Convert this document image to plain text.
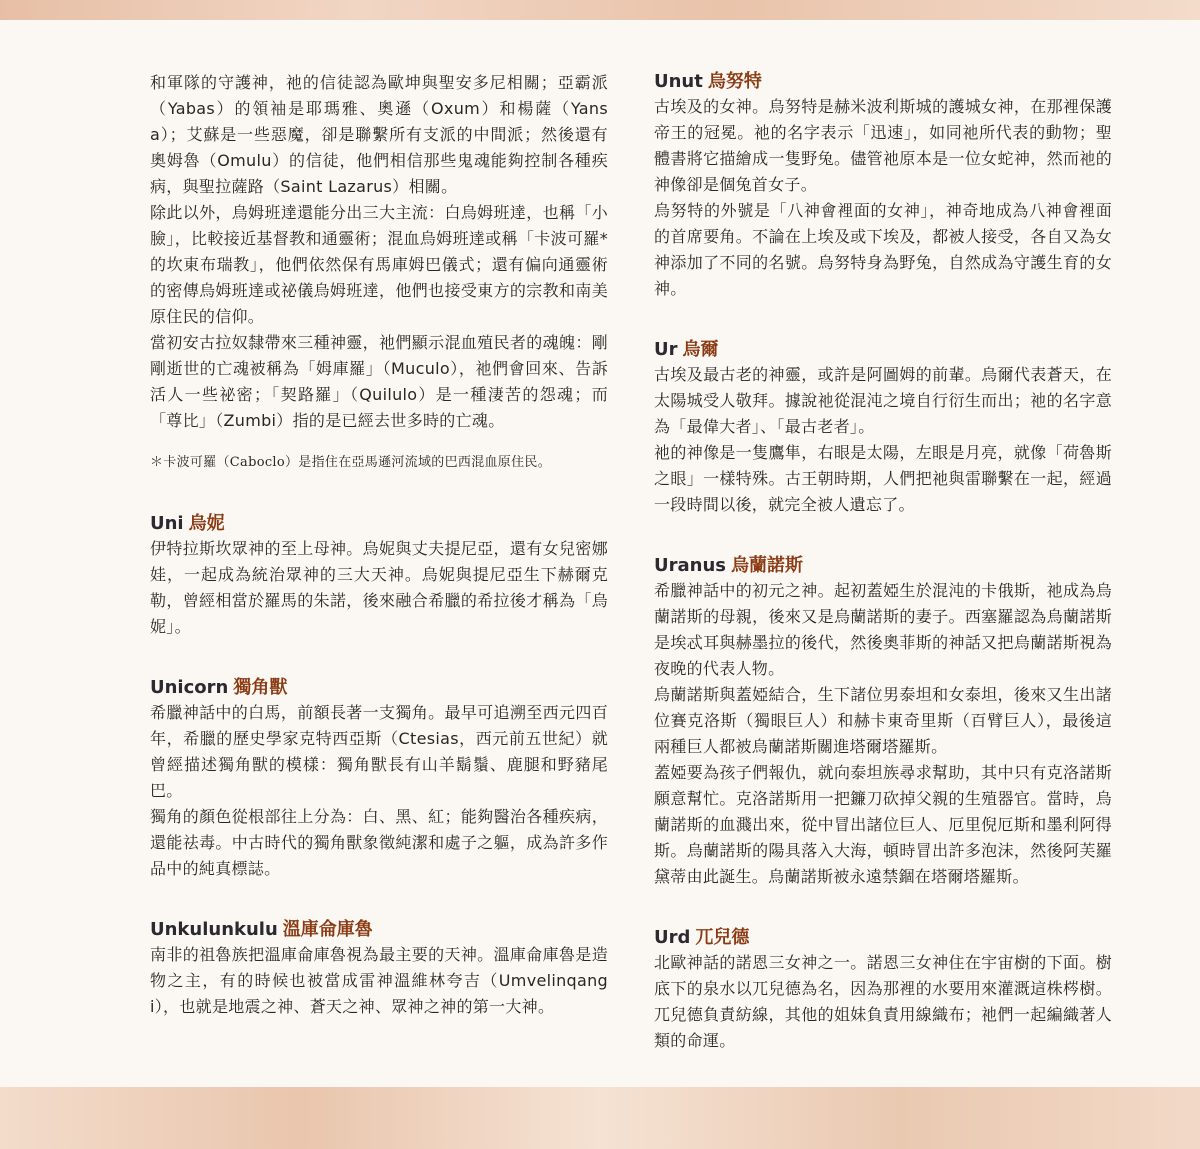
和軍隊的守護神，祂的信徒認為歐坤與聖安多尼相關；亞霸派（Yabas）的領袖是耶瑪雅、奧遜（Oxum）和楊薩（Yansa）；艾蘇是一些惡魔，卻是聯繫所有支派的中間派；然後還有奧姆魯（Omulu）的信徒，他們相信那些鬼魂能夠控制各種疾病，與聖拉薩路（Saint Lazarus）相關。

除此以外，烏姆班達還能分出三大主流：白烏姆班達，也稱「小臉」，比較接近基督教和通靈術；混血烏姆班達或稱「卡波可羅*的坎東布瑞教」，他們依然保有馬庫姆巴儀式；還有偏向通靈術的密傳烏姆班達或祕儀烏姆班達，他們也接受東方的宗教和南美原住民的信仰。

當初安古拉奴隸帶來三種神靈，祂們顯示混血殖民者的魂魄：剛剛逝世的亡魂被稱為「姆庫羅」（Muculo），祂們會回來、告訴活人一些祕密；「契路羅」（Quilulo）是一種淒苦的怨魂；而「尊比」（Zumbi）指的是已經去世多時的亡魂。

＊卡波可羅（Caboclo）是指住在亞馬遜河流域的巴西混血原住民。

Uni 烏妮

伊特拉斯坎眾神的至上母神。烏妮與丈夫提尼亞，還有女兒密娜娃，一起成為統治眾神的三大天神。烏妮與提尼亞生下赫爾克勒，曾經相當於羅馬的朱諾，後來融合希臘的希拉後才稱為「烏妮」。

Unicorn 獨角獸

希臘神話中的白馬，前額長著一支獨角。最早可追溯至西元四百年，希臘的歷史學家克特西亞斯（Ctesias，西元前五世紀）就曾經描述獨角獸的模樣：獨角獸長有山羊鬍鬚、鹿腿和野豬尾巴。

獨角的顏色從根部往上分為：白、黑、紅；能夠醫治各種疾病，還能祛毒。中古時代的獨角獸象徵純潔和處子之軀，成為許多作品中的純真標誌。

Unkulunkulu 溫庫侖庫魯

南非的祖魯族把溫庫侖庫魯視為最主要的天神。溫庫侖庫魯是造物之主，有的時候也被當成雷神溫維林夸吉（Umvelinqangi），也就是地震之神、蒼天之神、眾神之神的第一大神。

Unut 烏努特

古埃及的女神。烏努特是赫米波利斯城的護城女神，在那裡保護帝王的冠冕。祂的名字表示「迅速」，如同祂所代表的動物；聖體書將它描繪成一隻野兔。儘管祂原本是一位女蛇神，然而祂的神像卻是個兔首女子。

烏努特的外號是「八神會裡面的女神」，神奇地成為八神會裡面的首席要角。不論在上埃及或下埃及，都被人接受，各自又為女神添加了不同的名號。烏努特身為野兔，自然成為守護生育的女神。

Ur 烏爾

古埃及最古老的神靈，或許是阿圖姆的前輩。烏爾代表蒼天，在太陽城受人敬拜。據說祂從混沌之境自行衍生而出；祂的名字意為「最偉大者」、「最古老者」。

祂的神像是一隻鷹隼，右眼是太陽，左眼是月亮，就像「荷魯斯之眼」一樣特殊。古王朝時期，人們把祂與雷聯繫在一起，經過一段時間以後，就完全被人遺忘了。

Uranus 烏蘭諾斯

希臘神話中的初元之神。起初蓋婭生於混沌的卡俄斯，祂成為烏蘭諾斯的母親，後來又是烏蘭諾斯的妻子。西塞羅認為烏蘭諾斯是埃忒耳與赫墨拉的後代，然後奧菲斯的神話又把烏蘭諾斯視為夜晚的代表人物。

烏蘭諾斯與蓋婭結合，生下諸位男泰坦和女泰坦，後來又生出諸位賽克洛斯（獨眼巨人）和赫卡東奇里斯（百臂巨人），最後這兩種巨人都被烏蘭諾斯關進塔爾塔羅斯。

蓋婭要為孩子們報仇，就向泰坦族尋求幫助，其中只有克洛諾斯願意幫忙。克洛諾斯用一把鐮刀砍掉父親的生殖器官。當時，烏蘭諾斯的血濺出來，從中冒出諸位巨人、厄里倪厄斯和墨利阿得斯。烏蘭諾斯的陽具落入大海，頓時冒出許多泡沫，然後阿芙羅黛蒂由此誕生。烏蘭諾斯被永遠禁錮在塔爾塔羅斯。

Urd 兀兒德

北歐神話的諾恩三女神之一。諾恩三女神住在宇宙樹的下面。樹底下的泉水以兀兒德為名，因為那裡的水要用來灌溉這株梣樹。兀兒德負責紡線，其他的姐妹負責用線織布；祂們一起編織著人類的命運。
